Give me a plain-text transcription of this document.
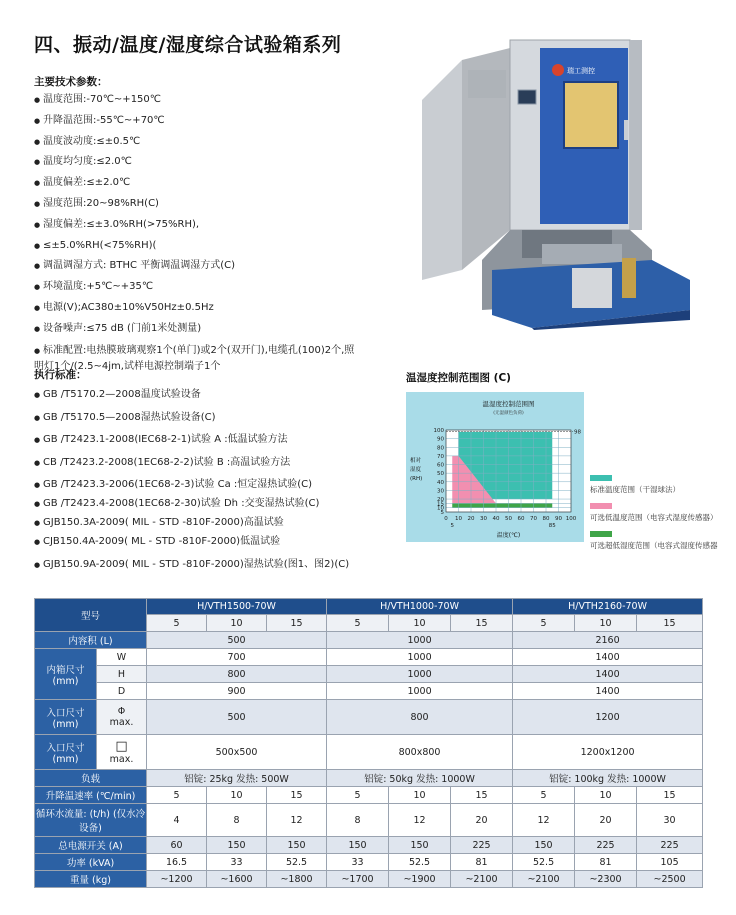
四、振动/温度/湿度综合试验箱系列
主要技术参数：
● 温度范围:-70℃~+150℃
● 升降温范围:-55℃~+70℃
● 温度波动度:≤±0.5℃
● 温度均匀度:≤2.0℃
● 温度偏差:≤±2.0℃
● 湿度范围:20~98%RH(C)
● 湿度偏差:≤±3.0%RH(>75%RH),
● ≤±5.0%RH(<75%RH)(
● 调温调湿方式: BTHC 平衡调温调湿方式(C)
● 环境温度:+5℃~+35℃
● 电源(V);AC380±10%V50Hz±0.5Hz
● 设备噪声:≤75 dB (门前1米处测量)
● 标准配置:电热膜玻璃观察1个(单门)或2个(双开门),电缆孔(100)2个,照明灯1个/(2.5~4jm,试样电源控制端子1个
执行标准：
● GB /T5170.2—2008温度试验设备
● GB /T5170.5—2008湿热试验设备(C)
● GB /T2423.1-2008(IEC68-2-1)试验 A :低温试验方法
● CB /T2423.2-2008(1EC68-2-2)试验 B :高温试验方法
● GB /T2423.3-2006(1EC68-2-3)试验 Ca :恒定湿热试验(C)
● GB /T2423.4-2008(1EC68-2-30)试验 Dh :交变湿热试验(C)
● GJB150.3A-2009( MIL - STD -810F-2000)高温试验
● CJB150.4A-2009( ML - STD -810F-2000)低温试验
● GJB150.9A-2009( MIL - STD -810F-2000)湿热试验(图1、图2)(C)
瑞工测控
温湿度控制范围图 (C)
0 10 20 30 40 50 60 70 80 90 100
5	85
5
10
15
20
30
40
50
60
70
80
90
100	98
温湿度控制范围图
(无湿颜色负荷)
相对
湿度
(RH)
温度(℃)
标准温度范围（干湿球法）
可选低温度范围（电容式湿度传感器）
可选超低湿度范围（电容式湿度传感器
型号		H/VTH1500-70W			H/VTH1000-70W			H/VTH2160-70W		
		5	10	15	5	10	15	5	10	15
内容积 (L)		500			1000			2160		
内箱尺寸 (mm)	W	700			1000			1400		
	H	800			1000			1400		
	D	900			1000			1400		
入口尺寸 (mm)	Φ
max.	500			800			1200		
入口尺寸 (mm)	□
max.	500x500			800x800			1200x1200		
负载		铝锭: 25kg 发热: 500W			铝锭: 50kg 发热: 1000W			铝锭: 100kg 发热: 1000W		
升降温速率 (℃/min)		5	10	15	5	10	15	5	10	15
循环水流量: (t/h) (仅水冷设备)		4	8	12	8	12	20	12	20	30
总电源开关 (A)		60	150	150	150	150	225	150	225	225
功率 (kVA)		16.5	33	52.5	33	52.5	81	52.5	81	105
重量 (kg)		~1200	~1600	~1800	~1700	~1900	~2100	~2100	~2300	~2500
